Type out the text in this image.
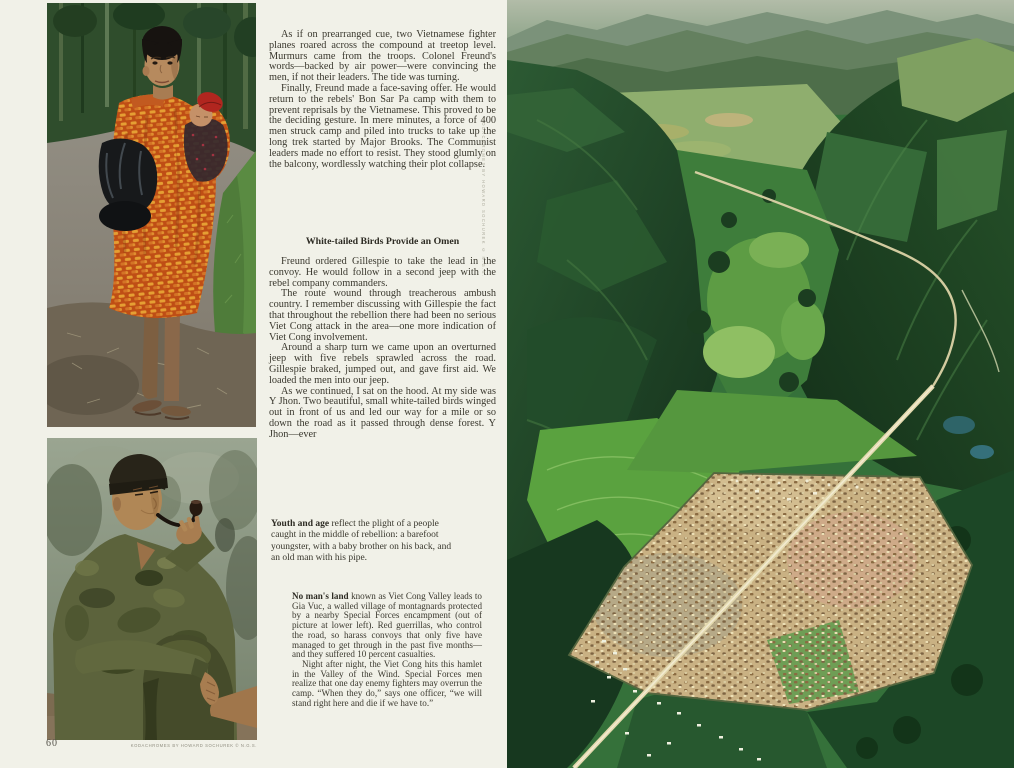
As if on prearranged cue, two Vietnamese fighter planes roared across the compound at treetop level. Murmurs came from the troops. Colonel Freund's words—backed by air power—were convincing the men, if not their leaders. The tide was turning.

Finally, Freund made a face-saving offer. He would return to the rebels' Bon Sar Pa camp with them to prevent reprisals by the Vietnamese. This proved to be the deciding gesture. In mere minutes, a force of 400 men struck camp and piled into trucks to take up the long trek started by Major Brooks. The Communist leaders made no effort to resist. They stood glumly on the balcony, wordlessly watching their plot collapse.

White-tailed Birds Provide an Omen

Freund ordered Gillespie to take the lead in the convoy. He would follow in a second jeep with the rebel company commanders.

The route wound through treacherous ambush country. I remember discussing with Gillespie the fact that throughout the rebellion there had been no serious Viet Cong attack in the area—one more indication of Viet Cong involvement.

Around a sharp turn we came upon an overturned jeep with five rebels sprawled across the road. Gillespie braked, jumped out, and gave first aid. We loaded the men into our jeep.

As we continued, I sat on the hood. At my side was Y Jhon. Two beautiful, small white-tailed birds winged out in front of us and led our way for a mile or so down the road as it passed through dense forest. Y Jhon—ever

Youth and age reflect the plight of a people caught in the middle of rebellion: a barefoot youngster, with a baby brother on his back, and an old man with his pipe.

No man's land known as Viet Cong Valley leads to Gia Vuc, a walled village of montagnards protected by a nearby Special Forces encampment (out of picture at lower left). Red guerrillas, who control the road, so harass convoys that only five have managed to get through in the past five months—and they suffered 10 percent casualties.

Night after night, the Viet Cong hits this hamlet in the Valley of the Wind. Special Forces men realize that one day enemy fighters may overrun the camp. “When they do,” says one officer, “we will stand right here and die if we have to.”

60	KODACHROMES BY HOWARD SOCHUREK © N.G.S.
KODACHROMES BY HOWARD SOCHUREK © N.G.S.
